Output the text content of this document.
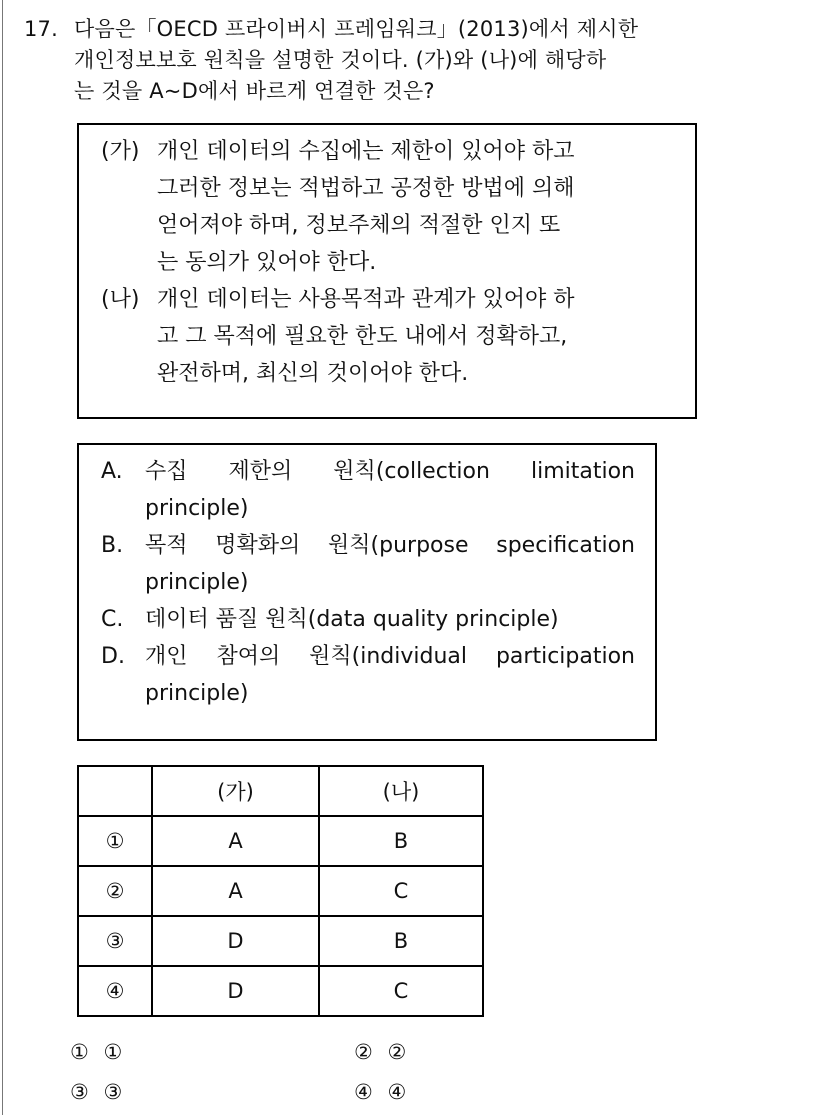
17. 다음은「OECD 프라이버시 프레임워크」(2013)에서 제시한
개인정보보호 원칙을 설명한 것이다. (가)와 (나)에 해당하
는 것을 A~D에서 바르게 연결한 것은?
(가) 개인 데이터의 수집에는 제한이 있어야 하고
그러한 정보는 적법하고 공정한 방법에 의해
얻어져야 하며, 정보주체의 적절한 인지 또
는 동의가 있어야 한다.
(나) 개인 데이터는 사용목적과 관계가 있어야 하
고 그 목적에 필요한 한도 내에서 정확하고,
완전하며, 최신의 것이어야 한다.
A. 수집 제한의 원칙(collection limitation
principle)
B. 목적 명확화의 원칙(purpose specification
principle)
C. 데이터 품질 원칙(data quality principle)
D. 개인 참여의 원칙(individual participation
principle)
	(가)	(나)
①	A	B
②	A	C
③	D	B
④	D	C
① ①	② ②
③ ③	④ ④
